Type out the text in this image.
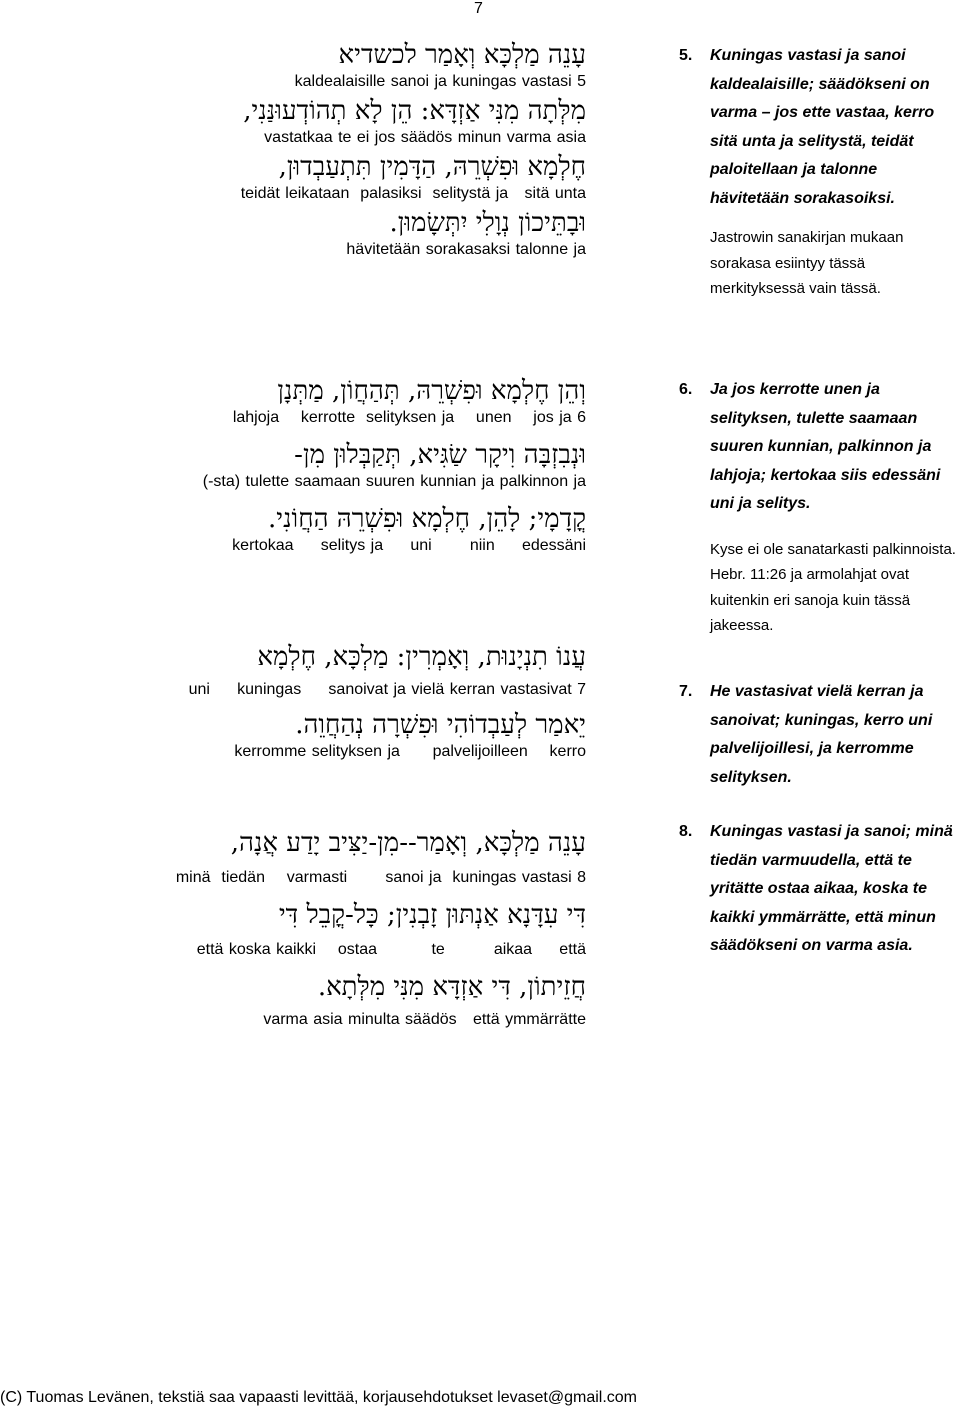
7
עָנֵה מַלְכָּא וְאָמַר לכשדיא
kaldealaisille sanoi ja kuningas vastasi 5
מִלְּתָה מִנִּי אַזְדָּא: הֵן לָא תְהוֹדְעוּנַּנִי,
vastatkaa te ei jos säädös minun varma asia
חֶלְמָא וּפִשְׁרֵהּ, הַדָּמִין תִּתְעַבְדוּן,
teidät leikataan  palasiksi  selitystä ja   sitä unta
וּבָתֵּיכוֹן נְוָלִי יִתְּשָׂמוּן.
hävitetään sorakasaksi talonne ja
5.	Kuningas vastasi ja sanoi kaldealaisille; säädökseni on varma – jos ette vastaa, kerro sitä unta ja selitystä, teidät paloitellaan ja talonne hävitetään sorakasoiksi.
Jastrowin sanakirjan mukaan sorakasa esiintyy tässä merkityksessä vain tässä.
וְהֵן חֶלְמָא וּפִשְׁרֵהּ, תְּהַחֲוֹן, מַתְּנָן
lahjoja    kerrotte  selityksen ja    unen    jos ja 6
וּנְבִזְבָּה וִיקָר שַׂגִּיא, תְּקַבְּלוּן מִן-
(-sta) tulette saamaan suuren kunnian ja palkinnon ja
קֳדָמָי; לָהֵן, חֶלְמָא וּפִשְׁרֵהּ הַחֲוֹנִי.
kertokaa     selitys ja     uni       niin     edessäni
6.	Ja jos kerrotte unen ja selityksen, tulette saamaan suuren kunnian, palkinnon ja lahjoja; kertokaa siis edessäni uni ja selitys.
Kyse ei ole sanatarkasti palkinnoista. Hebr. 11:26 ja armolahjat ovat kuitenkin eri sanoja kuin tässä jakeessa.
עֲנוֹ תִנְיָנוּת, וְאָמְרִין: מַלְכָּא, חֶלְמָא
uni     kuningas     sanoivat ja vielä kerran vastasivat 7
יֵאמַר לְעַבְדוֹהִי וּפִשְׁרָה נְהַחֲוֵה.
kerromme selityksen ja      palvelijoilleen    kerro
7.	He vastasivat vielä kerran ja sanoivat; kuningas, kerro uni palvelijoillesi, ja kerromme selityksen.
עָנֵה מַלְכָּא, וְאָמַר--מִן-יַצִּיב יָדַע אֲנָה,
minä  tiedän    varmasti       sanoi ja  kuningas vastasi 8
דִּי עִדָּנָא אַנְתּוּן זָבְנִין; כָּל-קֳבֵל דִּי
että koska kaikki    ostaa          te         aikaa     että
חֲזֵיתוֹן, דִּי אַזְדָּא מִנִּי מִלְּתָא.
varma asia minulta säädös   että ymmärrätte
8.	Kuningas vastasi ja sanoi; minä tiedän varmuudella, että te yritätte ostaa aikaa, koska te kaikki ymmärrätte, että minun säädökseni on varma asia.
(C) Tuomas Levänen, tekstiä saa vapaasti levittää, korjausehdotukset levaset@gmail.com
